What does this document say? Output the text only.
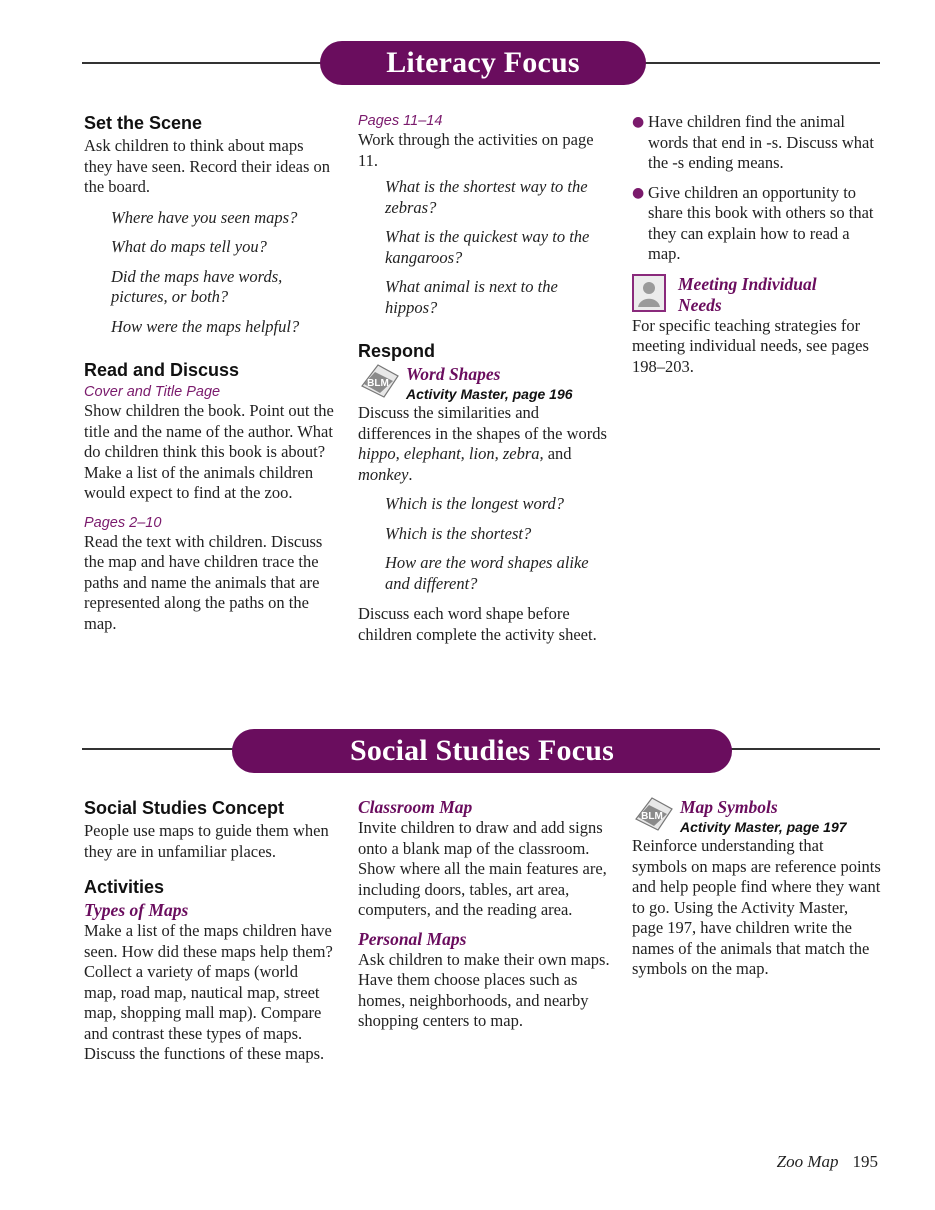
Literacy Focus
Set the Scene

Ask children to think about maps they have seen. Record their ideas on the board.

Where have you seen maps?

What do maps tell you?

Did the maps have words, pictures, or both?

How were the maps helpful?

Read and Discuss
Cover and Title Page

Show children the book. Point out the title and the name of the author. What do children think this book is about? Make a list of the animals children would expect to find at the zoo.

Pages 2–10

Read the text with children. Discuss the map and have children trace the paths and name the animals that are represented along the paths on the map.

Pages 11–14

Work through the activities on page 11.

What is the shortest way to the zebras?

What is the quickest way to the kangaroos?

What animal is next to the hippos?

Respond
BLM Word Shapes
Activity Master, page 196

Discuss the similarities and differences in the shapes of the words hippo, elephant, lion, zebra, and monkey.

Which is the longest word?

Which is the shortest?

How are the word shapes alike and different?

Discuss each word shape before children complete the activity sheet.

● Have children find the animal words that end in -s. Discuss what the -s ending means.
● Give children an opportunity to share this book with others so that they can explain how to read a map.
Meeting Individual Needs

For specific teaching strategies for meeting individual needs, see pages 198–203.

Social Studies Focus
Social Studies Concept

People use maps to guide them when they are in unfamiliar places.

Activities
Types of Maps

Make a list of the maps children have seen. How did these maps help them? Collect a variety of maps (world map, road map, nautical map, street map, shopping mall map). Compare and contrast these types of maps. Discuss the functions of these maps.

Classroom Map

Invite children to draw and add signs onto a blank map of the classroom. Show where all the main features are, including doors, tables, art area, computers, and the reading area.

Personal Maps

Ask children to make their own maps. Have them choose places such as homes, neighborhoods, and nearby shopping centers to map.

BLM Map Symbols
Activity Master, page 197

Reinforce understanding that symbols on maps are reference points and help people find where they want to go. Using the Activity Master, page 197, have children write the names of the animals that match the symbols on the map.

Zoo Map 195
